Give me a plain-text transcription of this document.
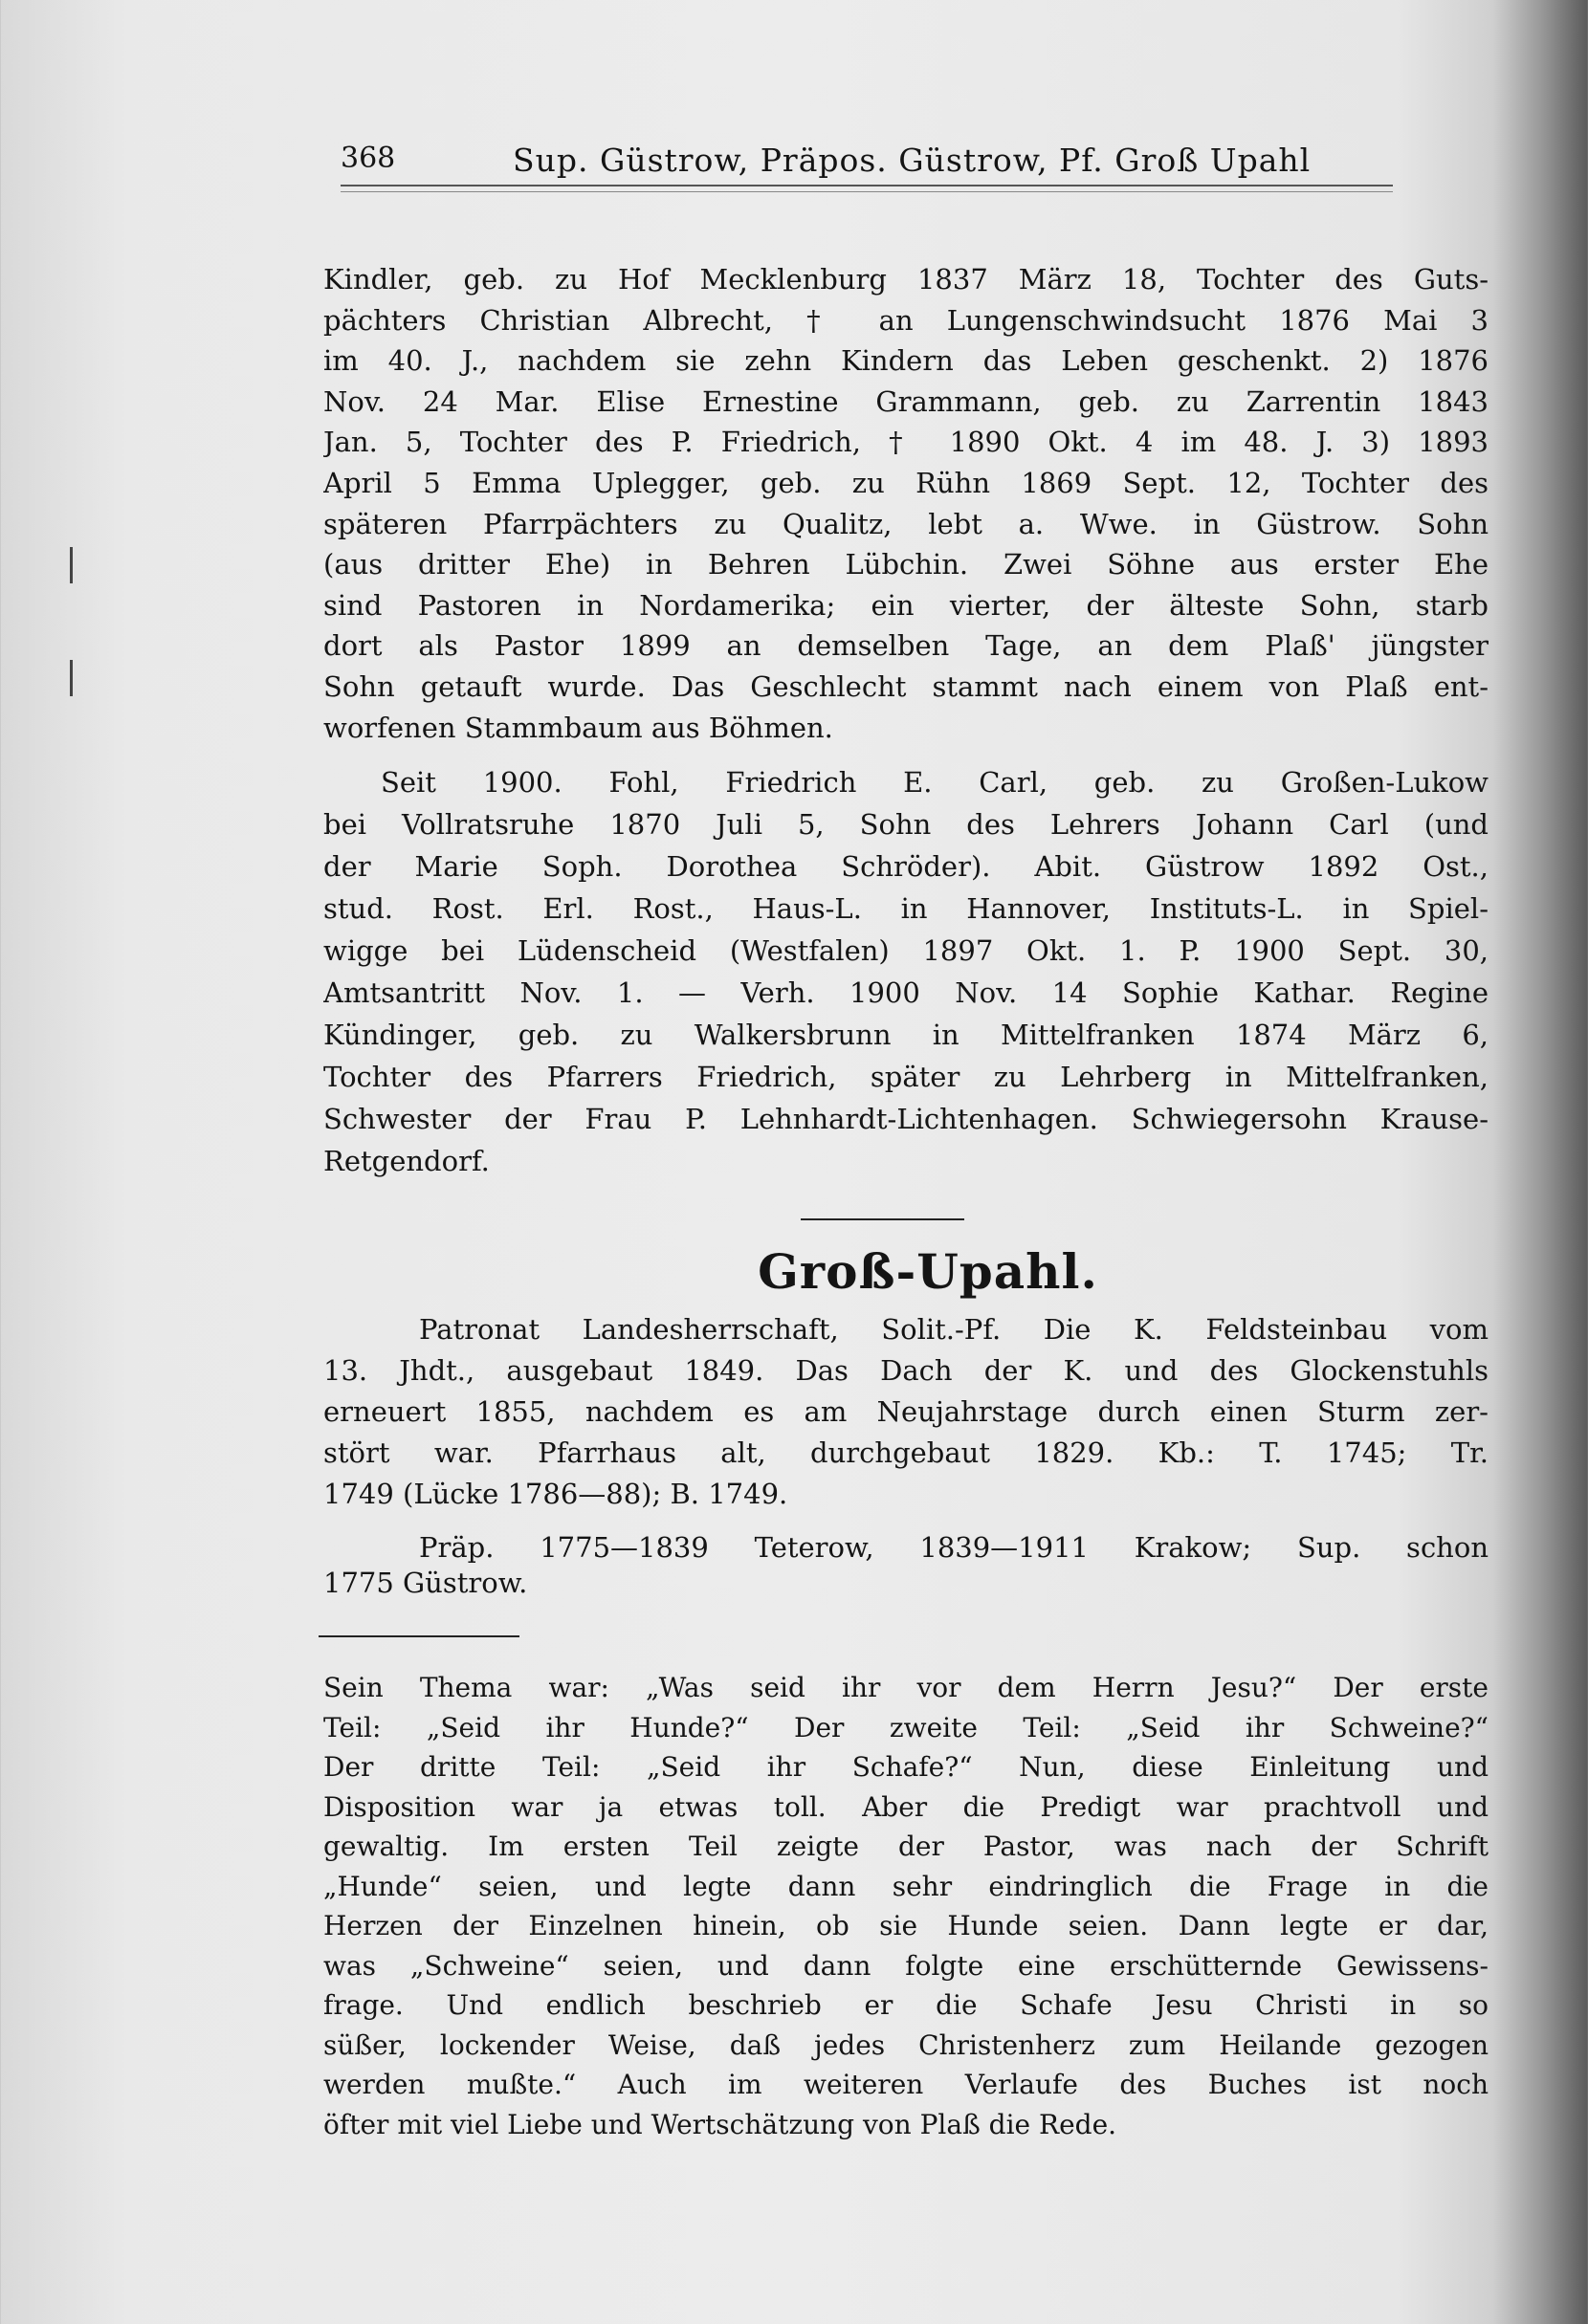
368	Sup. Güstrow, Präpos. Güstrow, Pf. Groß Upahl
Kindler, geb. zu Hof Mecklenburg 1837 März 18, Tochter des Guts-
pächters Christian Albrecht, † an Lungenschwindsucht 1876 Mai 3
im 40. J., nachdem sie zehn Kindern das Leben geschenkt. 2) 1876
Nov. 24 Mar. Elise Ernestine Grammann, geb. zu Zarrentin 1843
Jan. 5, Tochter des P. Friedrich, † 1890 Okt. 4 im 48. J. 3) 1893
April 5 Emma Uplegger, geb. zu Rühn 1869 Sept. 12, Tochter des
späteren Pfarrpächters zu Qualitz, lebt a. Wwe. in Güstrow. Sohn
(aus dritter Ehe) in Behren Lübchin. Zwei Söhne aus erster Ehe
sind Pastoren in Nordamerika; ein vierter, der älteste Sohn, starb
dort als Pastor 1899 an demselben Tage, an dem Plaß' jüngster
Sohn getauft wurde. Das Geschlecht stammt nach einem von Plaß ent-
worfenen Stammbaum aus Böhmen.
Seit 1900. Fohl, Friedrich E. Carl, geb. zu Großen-Lukow
bei Vollratsruhe 1870 Juli 5, Sohn des Lehrers Johann Carl (und
der Marie Soph. Dorothea Schröder). Abit. Güstrow 1892 Ost.,
stud. Rost. Erl. Rost., Haus-L. in Hannover, Instituts-L. in Spiel-
wigge bei Lüdenscheid (Westfalen) 1897 Okt. 1. P. 1900 Sept. 30,
Amtsantritt Nov. 1. — Verh. 1900 Nov. 14 Sophie Kathar. Regine
Kündinger, geb. zu Walkersbrunn in Mittelfranken 1874 März 6,
Tochter des Pfarrers Friedrich, später zu Lehrberg in Mittelfranken,
Schwester der Frau P. Lehnhardt-Lichtenhagen. Schwiegersohn Krause-
Retgendorf.
Patronat Landesherrschaft, Solit.-Pf. Die K. Feldsteinbau vom
13. Jhdt., ausgebaut 1849. Das Dach der K. und des Glockenstuhls
erneuert 1855, nachdem es am Neujahrstage durch einen Sturm zer-
stört war. Pfarrhaus alt, durchgebaut 1829. Kb.: T. 1745; Tr.
1749 (Lücke 1786—88); B. 1749.
Präp. 1775—1839 Teterow, 1839—1911 Krakow; Sup. schon
1775 Güstrow.
Sein Thema war: „Was seid ihr vor dem Herrn Jesu?“ Der erste
Teil: „Seid ihr Hunde?“ Der zweite Teil: „Seid ihr Schweine?“
Der dritte Teil: „Seid ihr Schafe?“ Nun, diese Einleitung und
Disposition war ja etwas toll. Aber die Predigt war prachtvoll und
gewaltig. Im ersten Teil zeigte der Pastor, was nach der Schrift
„Hunde“ seien, und legte dann sehr eindringlich die Frage in die
Herzen der Einzelnen hinein, ob sie Hunde seien. Dann legte er dar,
was „Schweine“ seien, und dann folgte eine erschütternde Gewissens-
frage. Und endlich beschrieb er die Schafe Jesu Christi in so
süßer, lockender Weise, daß jedes Christenherz zum Heilande gezogen
werden mußte.“ Auch im weiteren Verlaufe des Buches ist noch
öfter mit viel Liebe und Wertschätzung von Plaß die Rede.
Groß-Upahl.
